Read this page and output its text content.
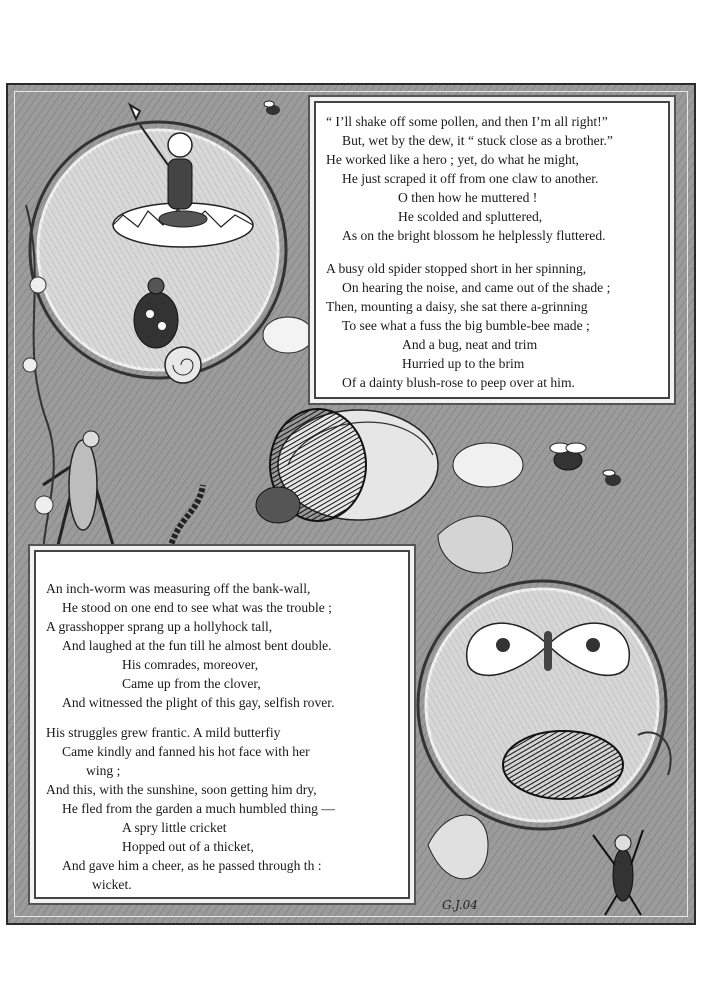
“ I’ll shake off some pollen, and then I’m all right!”
But, wet by the dew, it “ stuck close as a brother.”
He worked like a hero ; yet, do what he might,
He just scraped it off from one claw to another.
O then how he muttered !
He scolded and spluttered,
As on the bright blossom he helplessly fluttered.
A busy old spider stopped short in her spinning,
On hearing the noise, and came out of the shade ;
Then, mounting a daisy, she sat there a-grinning
To see what a fuss the big bumble-bee made ;
And a bug, neat and trim
Hurried up to the brim
Of a dainty blush-rose to peep over at him.
An inch-worm was measuring off the bank-wall,
He stood on one end to see what was the trouble ;
A grasshopper sprang up a hollyhock tall,
And laughed at the fun till he almost bent double.
His comrades, moreover,
Came up from the clover,
And witnessed the plight of this gay, selfish rover.
His struggles grew frantic. A mild butterfiy
Came kindly and fanned his hot face with her
wing ;
And this, with the sunshine, soon getting him dry,
He fled from the garden a much humbled thing —
A spry little cricket
Hopped out of a thicket,
And gave him a cheer, as he passed through th :
wicket.
G.J.04
